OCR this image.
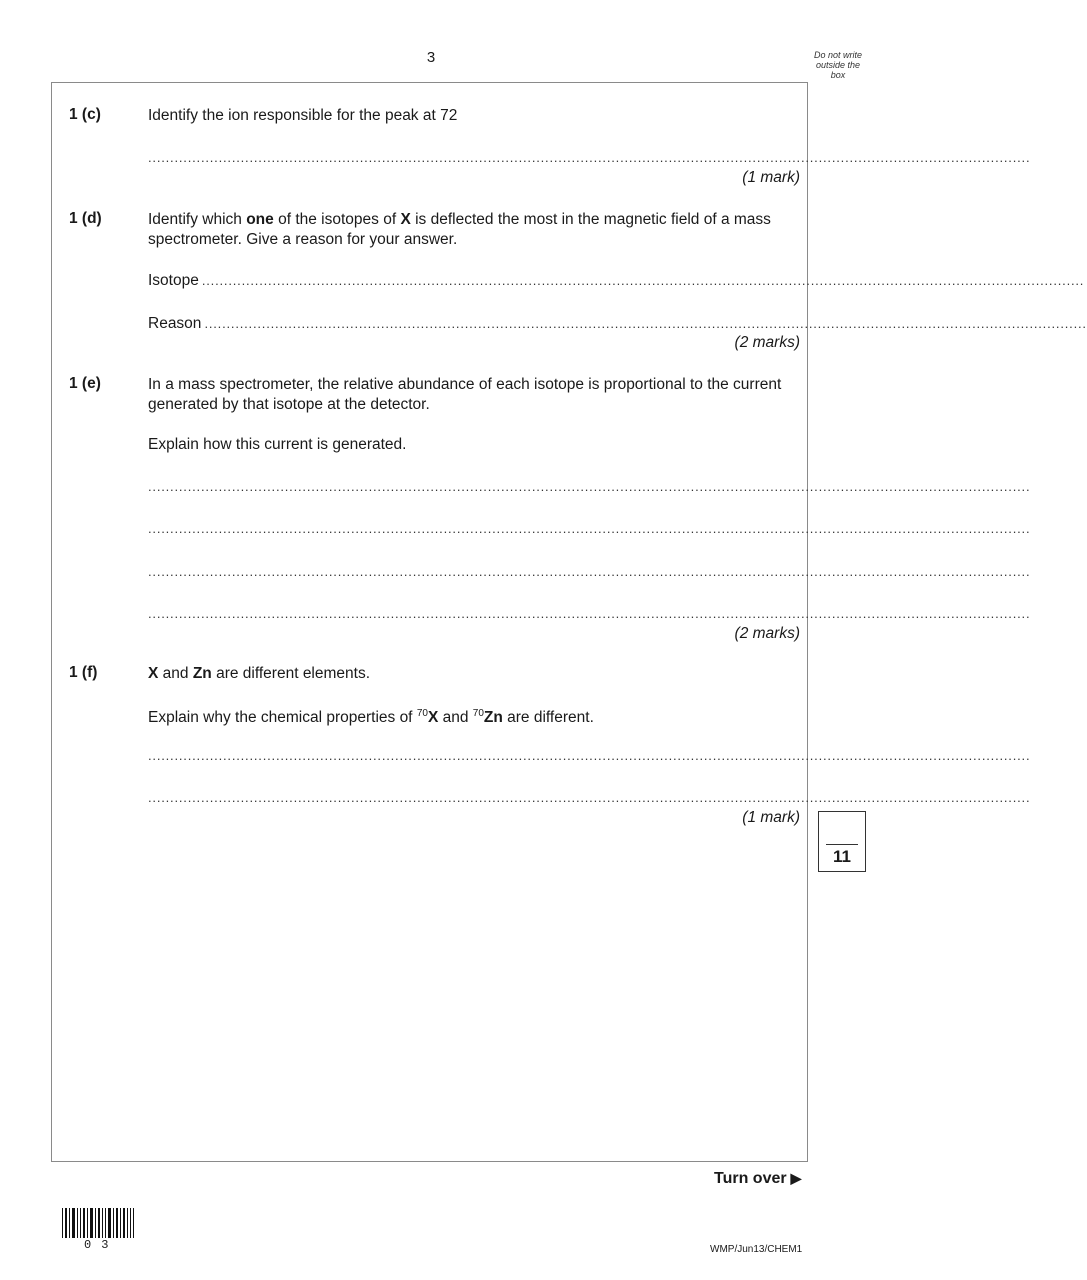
3	Do not write
outside the
box
1 (c)	Identify the ion responsible for the peak at 72
........................................................................................................................................................................................................
(1 mark)
1 (d)	Identify which one of the isotopes of X is deflected the most in the magnetic field of a mass spectrometer. Give a reason for your answer.
Isotope ........................................................................................................................................................................................................
Reason ........................................................................................................................................................................................................
(2 marks)
1 (e)	In a mass spectrometer, the relative abundance of each isotope is proportional to the current generated by that isotope at the detector.
Explain how this current is generated.
........................................................................................................................................................................................................
........................................................................................................................................................................................................
........................................................................................................................................................................................................
........................................................................................................................................................................................................
(2 marks)
1 (f)	X and Zn are different elements.
Explain why the chemical properties of $^{70}$X and $^{70}$Zn are different.
........................................................................................................................................................................................................
........................................................................................................................................................................................................
(1 mark)
11
Turn over ▶
03	WMP/Jun13/CHEM1
